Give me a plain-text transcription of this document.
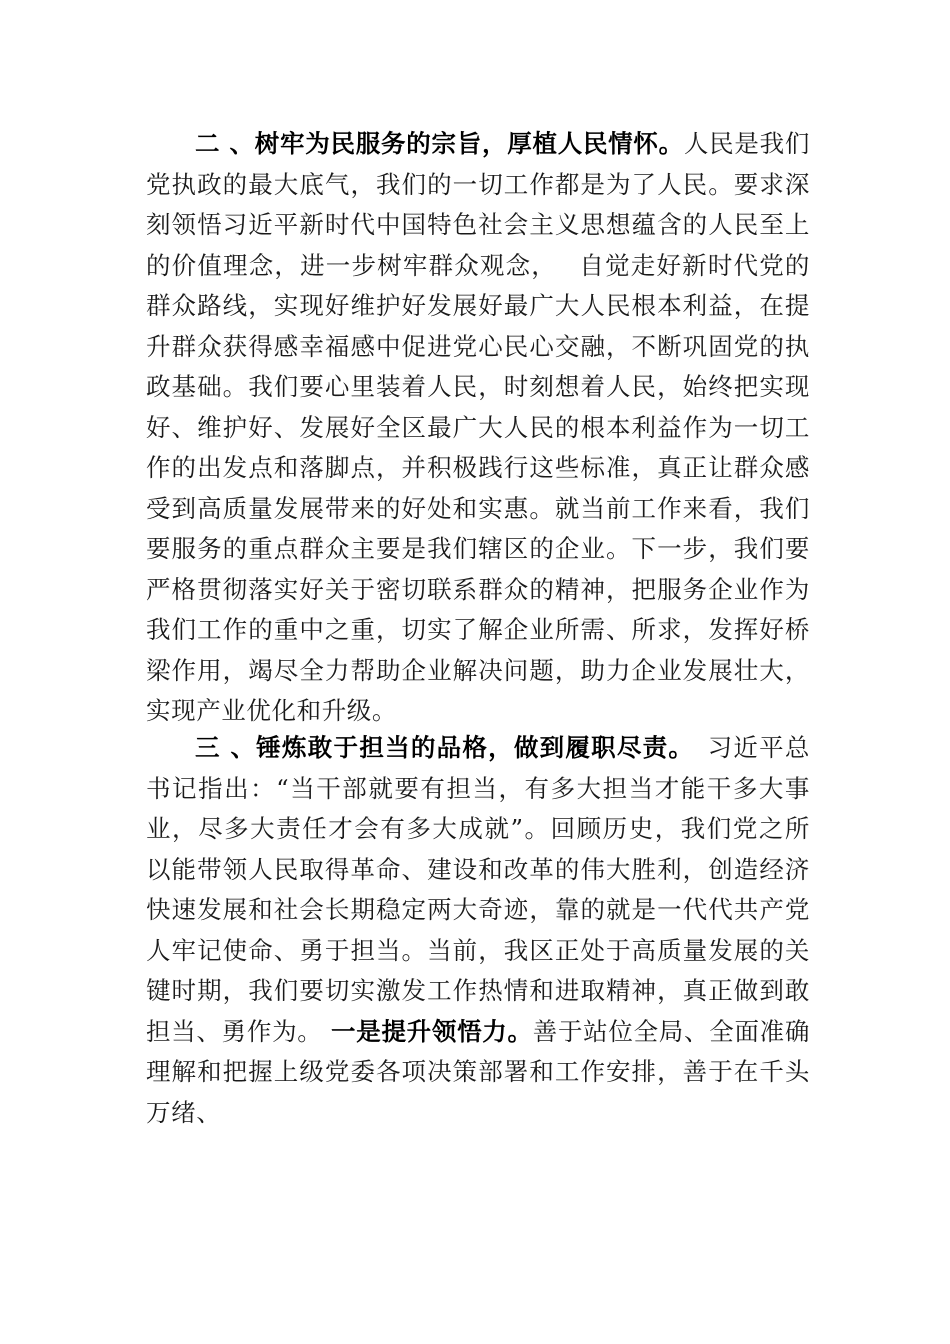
二 、树牢为民服务的宗旨，厚植人民情怀。人民是我们党执政的最大底气，我们的一切工作都是为了人民。要求深刻领悟习近平新时代中国特色社会主义思想蕴含的人民至上的价值理念，进一步树牢群众观念，　 自觉走好新时代党的群众路线，实现好维护好发展好最广大人民根本利益，在提升群众获得感幸福感中促进党心民心交融，不断巩固党的执政基础。我们要心里装着人民，时刻想着人民，始终把实现好、维护好、发展好全区最广大人民的根本利益作为一切工作的出发点和落脚点，并积极践行这些标准，真正让群众感受到高质量发展带来的好处和实惠。就当前工作来看，我们要服务的重点群众主要是我们辖区的企业。下一步，我们要严格贯彻落实好关于密切联系群众的精神，把服务企业作为我们工作的重中之重，切实了解企业所需、所求，发挥好桥梁作用，竭尽全力帮助企业解决问题，助力企业发展壮大，实现产业优化和升级。

三 、锤炼敢于担当的品格，做到履职尽责。　习近平总书记指出：“当干部就要有担当，有多大担当才能干多大事业，尽多大责任才会有多大成就”。回顾历史，我们党之所以能带领人民取得革命、建设和改革的伟大胜利，创造经济快速发展和社会长期稳定两大奇迹，靠的就是一代代共产党人牢记使命、勇于担当。当前，我区正处于高质量发展的关键时期，我们要切实激发工作热情和进取精神，真正做到敢担当、勇作为。 一是提升领悟力。善于站位全局、全面准确理解和把握上级党委各项决策部署和工作安排，善于在千头万绪、
